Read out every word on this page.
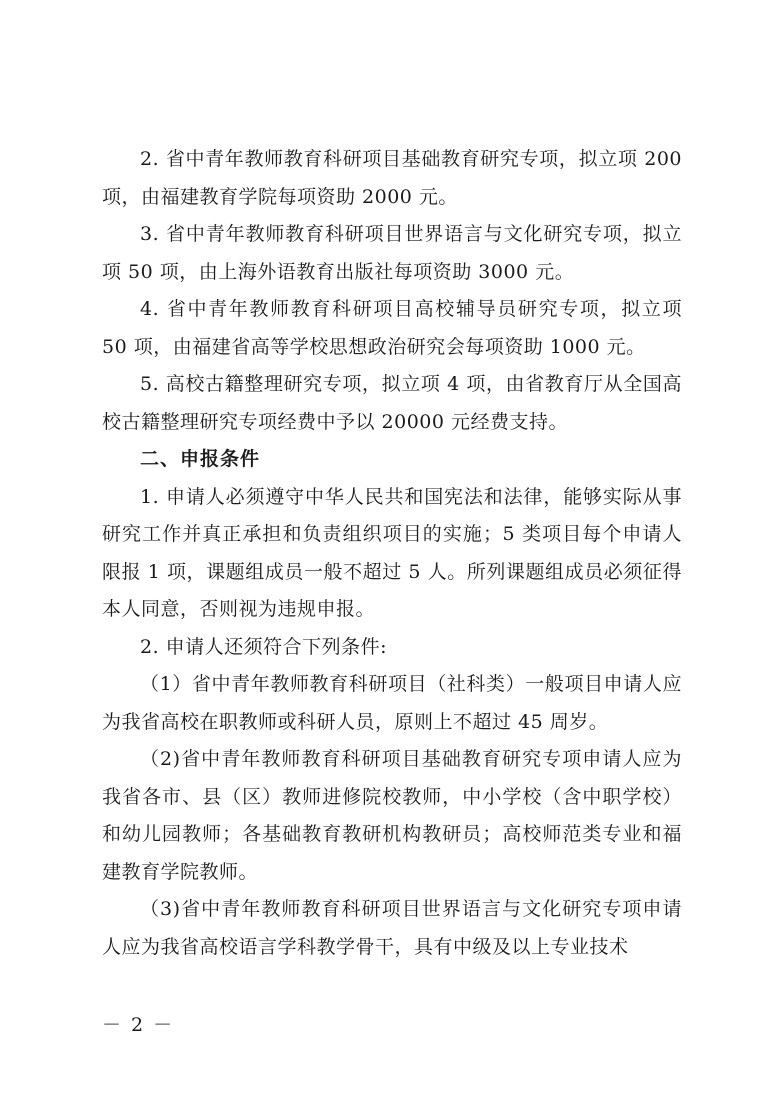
2. 省中青年教师教育科研项目基础教育研究专项，拟立项 200 项，由福建教育学院每项资助 2000 元。

3. 省中青年教师教育科研项目世界语言与文化研究专项，拟立项 50 项，由上海外语教育出版社每项资助 3000 元。

4. 省中青年教师教育科研项目高校辅导员研究专项，拟立项 50 项，由福建省高等学校思想政治研究会每项资助 1000 元。

5. 高校古籍整理研究专项，拟立项 4 项，由省教育厅从全国高校古籍整理研究专项经费中予以 20000 元经费支持。

二、申报条件

1. 申请人必须遵守中华人民共和国宪法和法律，能够实际从事研究工作并真正承担和负责组织项目的实施；5 类项目每个申请人限报 1 项，课题组成员一般不超过 5 人。所列课题组成员必须征得本人同意，否则视为违规申报。

2. 申请人还须符合下列条件:

（1）省中青年教师教育科研项目（社科类）一般项目申请人应为我省高校在职教师或科研人员，原则上不超过 45 周岁。

（2)省中青年教师教育科研项目基础教育研究专项申请人应为我省各市、县（区）教师进修院校教师，中小学校（含中职学校）和幼儿园教师；各基础教育教研机构教研员；高校师范类专业和福建教育学院教师。

（3)省中青年教师教育科研项目世界语言与文化研究专项申请人应为我省高校语言学科教学骨干，具有中级及以上专业技术

－ 2 －
